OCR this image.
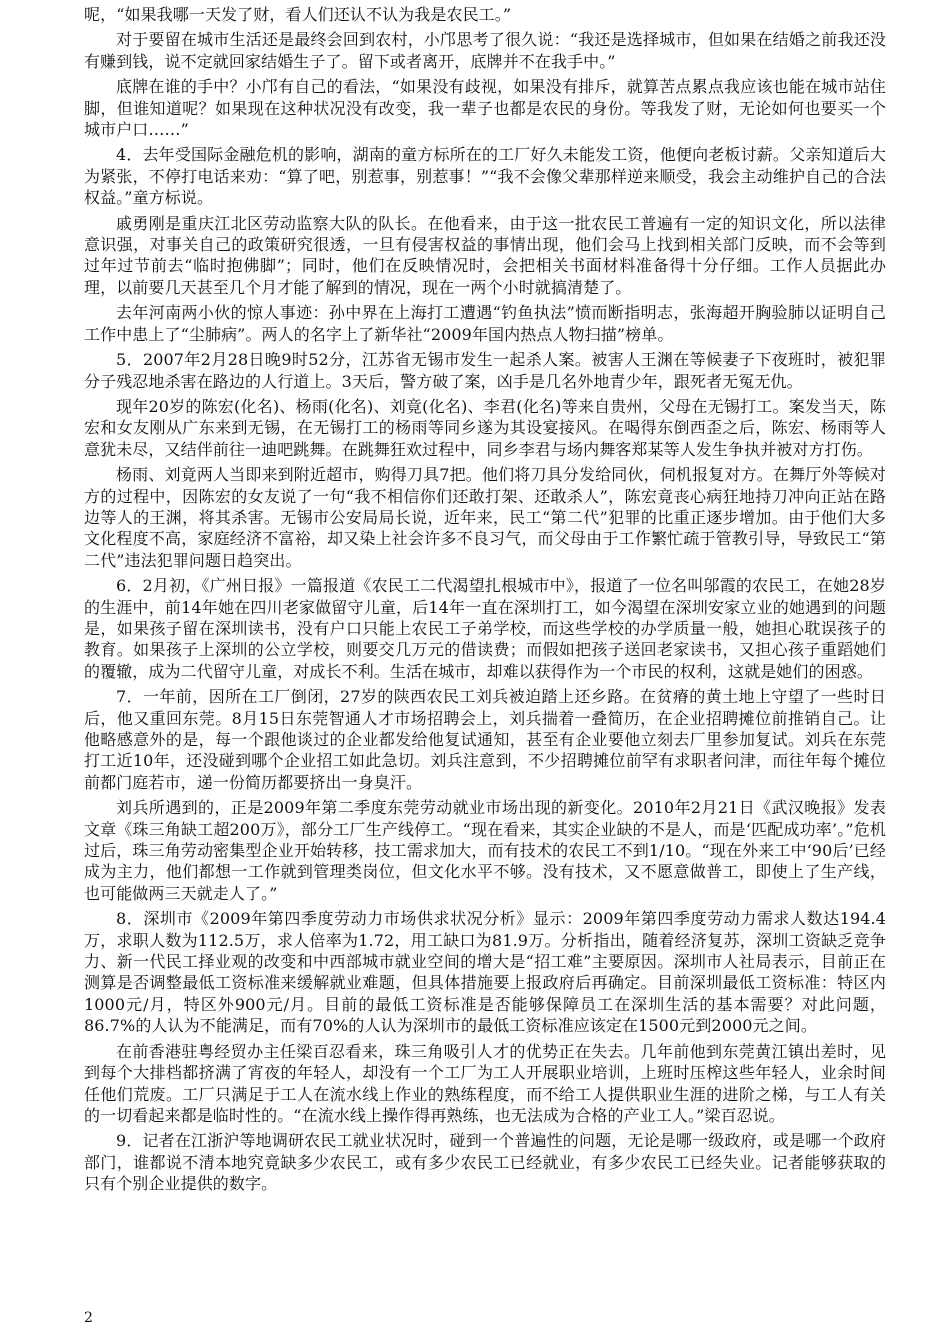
呢，“如果我哪一天发了财，看人们还认不认为我是农民工。”

对于要留在城市生活还是最终会回到农村，小邝思考了很久说：“我还是选择城市，但如果在结婚之前我还没有赚到钱，说不定就回家结婚生子了。留下或者离开，底牌并不在我手中。”

底牌在谁的手中？小邝有自己的看法，“如果没有歧视，如果没有排斥，就算苦点累点我应该也能在城市站住脚，但谁知道呢？如果现在这种状况没有改变，我一辈子也都是农民的身份。等我发了财，无论如何也要买一个城市户口……”

4．去年受国际金融危机的影响，湖南的童方标所在的工厂好久未能发工资，他便向老板讨薪。父亲知道后大为紧张，不停打电话来劝：“算了吧，别惹事，别惹事！”“我不会像父辈那样逆来顺受，我会主动维护自己的合法权益。”童方标说。

戚勇刚是重庆江北区劳动监察大队的队长。在他看来，由于这一批农民工普遍有一定的知识文化，所以法律意识强，对事关自己的政策研究很透，一旦有侵害权益的事情出现，他们会马上找到相关部门反映，而不会等到过年过节前去“临时抱佛脚”；同时，他们在反映情况时，会把相关书面材料准备得十分仔细。工作人员据此办理，以前要几天甚至几个月才能了解到的情况，现在一两个小时就搞清楚了。

去年河南两小伙的惊人事迹：孙中界在上海打工遭遇“钓鱼执法”愤而断指明志，张海超开胸验肺以证明自己工作中患上了“尘肺病”。两人的名字上了新华社“2009年国内热点人物扫描”榜单。

5．2007年2月28日晚9时52分，江苏省无锡市发生一起杀人案。被害人王渊在等候妻子下夜班时，被犯罪分子残忍地杀害在路边的人行道上。3天后，警方破了案，凶手是几名外地青少年，跟死者无冤无仇。

现年20岁的陈宏(化名)、杨雨(化名)、刘竟(化名)、李君(化名)等来自贵州，父母在无锡打工。案发当天，陈宏和女友刚从广东来到无锡，在无锡打工的杨雨等同乡遂为其设宴接风。在喝得东倒西歪之后，陈宏、杨雨等人意犹未尽，又结伴前往一迪吧跳舞。在跳舞狂欢过程中，同乡李君与场内舞客郑某等人发生争执并被对方打伤。

杨雨、刘竟两人当即来到附近超市，购得刀具7把。他们将刀具分发给同伙，伺机报复对方。在舞厅外等候对方的过程中，因陈宏的女友说了一句“我不相信你们还敢打架、还敢杀人”，陈宏竟丧心病狂地持刀冲向正站在路边等人的王渊，将其杀害。无锡市公安局局长说，近年来，民工“第二代”犯罪的比重正逐步增加。由于他们大多文化程度不高，家庭经济不富裕，却又染上社会许多不良习气，而父母由于工作繁忙疏于管教引导，导致民工“第二代”违法犯罪问题日趋突出。

6．2月初，《广州日报》一篇报道《农民工二代渴望扎根城市中》，报道了一位名叫邬霞的农民工，在她28岁的生涯中，前14年她在四川老家做留守儿童，后14年一直在深圳打工，如今渴望在深圳安家立业的她遇到的问题是，如果孩子留在深圳读书，没有户口只能上农民工子弟学校，而这些学校的办学质量一般，她担心耽误孩子的教育。如果孩子上深圳的公立学校，则要交几万元的借读费；而假如把孩子送回老家读书，又担心孩子重蹈她们的覆辙，成为二代留守儿童，对成长不利。生活在城市，却难以获得作为一个市民的权利，这就是她们的困惑。

7．一年前，因所在工厂倒闭，27岁的陕西农民工刘兵被迫踏上还乡路。在贫瘠的黄土地上守望了一些时日后，他又重回东莞。8月15日东莞智通人才市场招聘会上，刘兵揣着一叠简历，在企业招聘摊位前推销自己。让他略感意外的是，每一个跟他谈过的企业都发给他复试通知，甚至有企业要他立刻去厂里参加复试。刘兵在东莞打工近10年，还没碰到哪个企业招工如此急切。刘兵注意到，不少招聘摊位前罕有求职者问津，而往年每个摊位前都门庭若市，递一份简历都要挤出一身臭汗。

刘兵所遇到的，正是2009年第二季度东莞劳动就业市场出现的新变化。2010年2月21日《武汉晚报》发表文章《珠三角缺工超200万》，部分工厂生产线停工。“现在看来，其实企业缺的不是人，而是‘匹配成功率’。”危机过后，珠三角劳动密集型企业开始转移，技工需求加大，而有技术的农民工不到1/10。“现在外来工中‘90后’已经成为主力，他们都想一工作就到管理类岗位，但文化水平不够。没有技术，又不愿意做普工，即使上了生产线，也可能做两三天就走人了。”

8．深圳市《2009年第四季度劳动力市场供求状况分析》显示：2009年第四季度劳动力需求人数达194.4万，求职人数为112.5万，求人倍率为1.72，用工缺口为81.9万。分析指出，随着经济复苏，深圳工资缺乏竞争力、新一代民工择业观的改变和中西部城市就业空间的增大是“招工难”主要原因。深圳市人社局表示，目前正在测算是否调整最低工资标准来缓解就业难题，但具体措施要上报政府后再确定。目前深圳最低工资标准：特区内1000元/月，特区外900元/月。目前的最低工资标准是否能够保障员工在深圳生活的基本需要？对此问题，86.7%的人认为不能满足，而有70%的人认为深圳市的最低工资标准应该定在1500元到2000元之间。

在前香港驻粤经贸办主任梁百忍看来，珠三角吸引人才的优势正在失去。几年前他到东莞黄江镇出差时，见到每个大排档都挤满了宵夜的年轻人，却没有一个工厂为工人开展职业培训，上班时压榨这些年轻人，业余时间任他们荒废。工厂只满足于工人在流水线上作业的熟练程度，而不给工人提供职业生涯的进阶之梯，与工人有关的一切看起来都是临时性的。“在流水线上操作得再熟练，也无法成为合格的产业工人。”梁百忍说。

9．记者在江浙沪等地调研农民工就业状况时，碰到一个普遍性的问题，无论是哪一级政府，或是哪一个政府部门，谁都说不清本地究竟缺多少农民工，或有多少农民工已经就业，有多少农民工已经失业。记者能够获取的只有个别企业提供的数字。

2
